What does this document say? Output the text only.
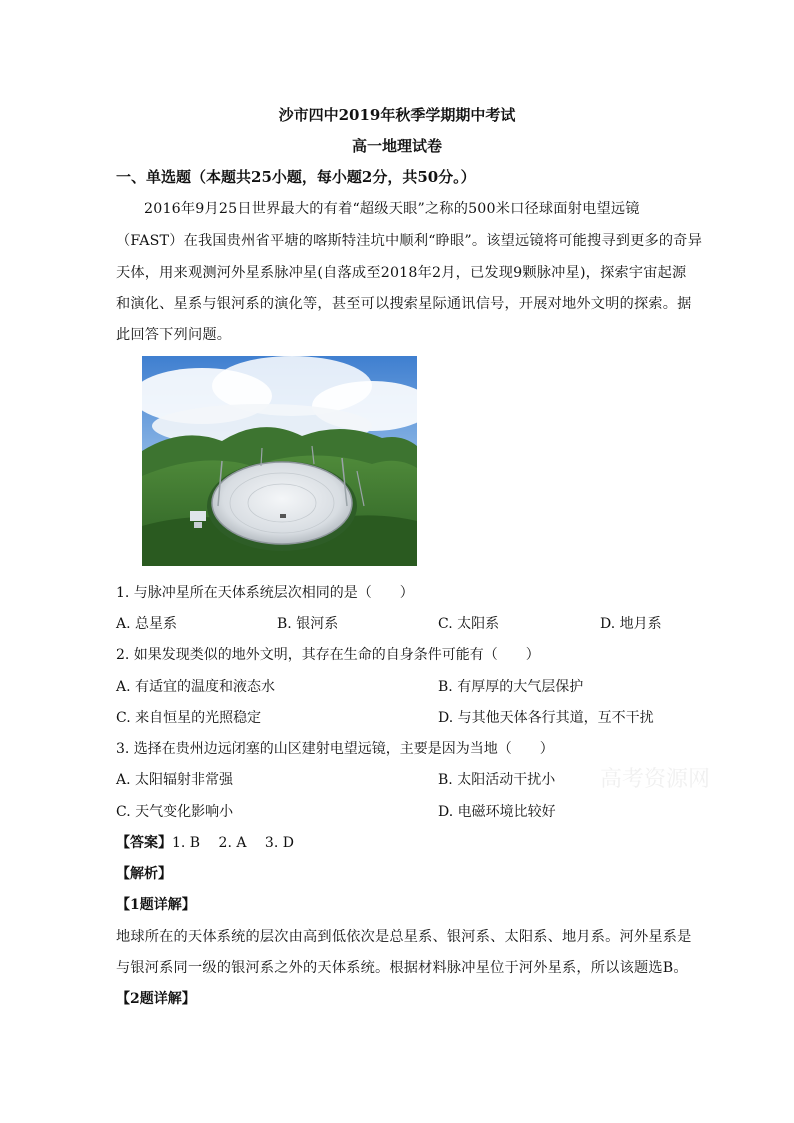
沙市四中2019年秋季学期期中考试
高一地理试卷
一、单选题（本题共25小题，每小题2分，共50分。）
2016年9月25日世界最大的有着“超级天眼”之称的500米口径球面射电望远镜
（FAST）在我国贵州省平塘的喀斯特洼坑中顺利“睁眼”。该望远镜将可能搜寻到更多的奇异
天体，用来观测河外星系脉冲星(自落成至2018年2月，已发现9颗脉冲星)，探索宇宙起源
和演化、星系与银河系的演化等，甚至可以搜索星际通讯信号，开展对地外文明的探索。据
此回答下列问题。
1. 与脉冲星所在天体系统层次相同的是（　　）
A. 总星系	B. 银河系	C. 太阳系	D. 地月系
2. 如果发现类似的地外文明，其存在生命的自身条件可能有（　　）
A. 有适宜的温度和液态水	B. 有厚厚的大气层保护
C. 来自恒星的光照稳定	D. 与其他天体各行其道，互不干扰
3. 选择在贵州边远闭塞的山区建射电望远镜，主要是因为当地（　　）
A. 太阳辐射非常强	B. 太阳活动干扰小
C. 天气变化影响小	D. 电磁环境比较好
高考资源网
【答案】1. B　 2. A　 3. D
【解析】
【1题详解】
地球所在的天体系统的层次由高到低依次是总星系、银河系、太阳系、地月系。河外星系是
与银河系同一级的银河系之外的天体系统。根据材料脉冲星位于河外星系，所以该题选B。
【2题详解】
